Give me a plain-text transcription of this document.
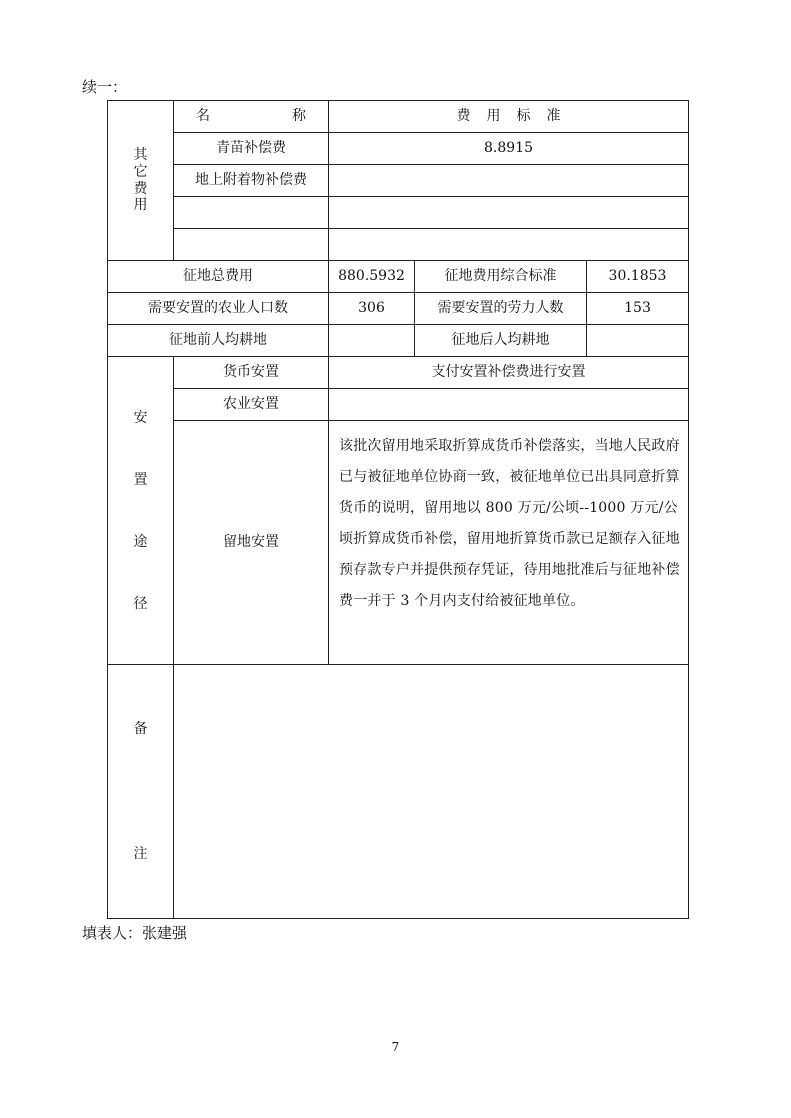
续一：
其
它
费
用	名 称	费 用 标 准		
	青苗补偿费	8.8915		
	地上附着物补偿费			

征地总费用		880.5932	征地费用综合标准	30.1853
需要安置的农业人口数		306	需要安置的劳力人数	153
征地前人均耕地			征地后人均耕地	

安
置
途
径	货币安置	支付安置补偿费进行安置		
	农业安置			
	留地安置	该批次留用地采取折算成货币补偿落实，当地人民政府已与被征地单位协商一致，被征地单位已出具同意折算货币的说明，留用地以 800 万元/公顷--1000 万元/公顷折算成货币补偿，留用地折算货币款已足额存入征地预存款专户并提供预存凭证，待用地批准后与征地补偿费一并于 3 个月内支付给被征地单位。		

备
注				

填表人：张建强
7
